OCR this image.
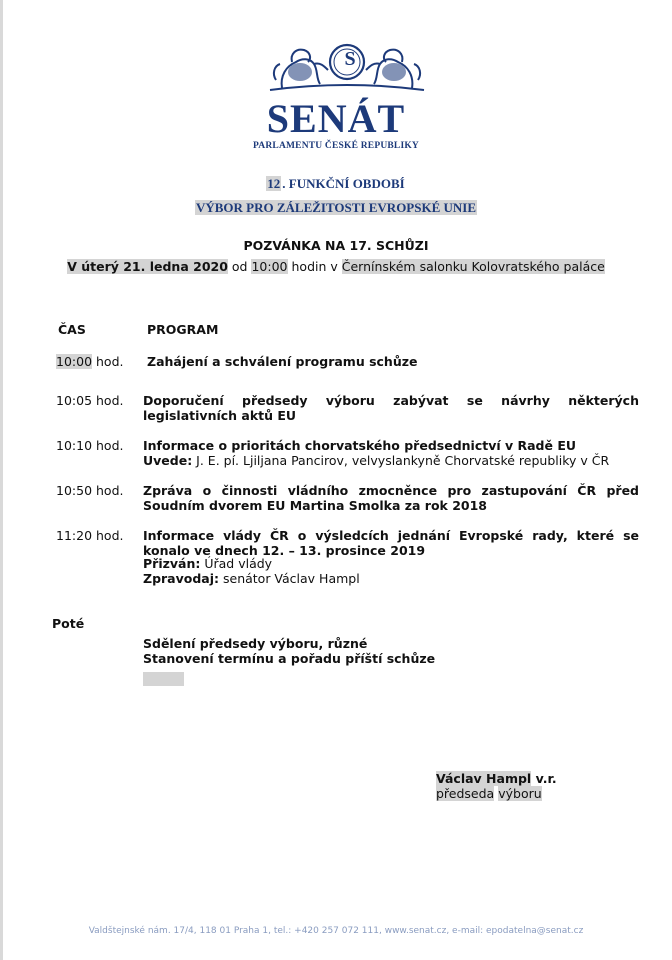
S
SENÁT
PARLAMENTU ČESKÉ REPUBLIKY
12 . FUNKČNÍ OBDOBÍ
VÝBOR PRO ZÁLEŽITOSTI EVROPSKÉ UNIE
POZVÁNKA NA 17. SCHŮZI
V úterý 21. ledna 2020 od 10:00 hodin v Černínském salonku Kolovratského paláce
ČAS	PROGRAM
10:00 hod. Zahájení a schválení programu schůze
10:05 hod. Doporučení předsedy výboru zabývat se návrhy některých legislativních aktů EU
10:10 hod. Informace o prioritách chorvatského předsednictví v Radě EU
Uvede: J. E. pí. Ljiljana Pancirov, velvyslankyně Chorvatské republiky v ČR
10:50 hod. Zpráva o činnosti vládního zmocněnce pro zastupování ČR před Soudním dvorem EU Martina Smolka za rok 2018
11:20 hod. Informace vlády ČR o výsledcích jednání Evropské rady, které se konalo ve dnech 12. – 13. prosince 2019
Přizván: Úřad vlády
Zpravodaj: senátor Václav Hampl
Poté
Sdělení předsedy výboru, různé
Stanovení termínu a pořadu příští schůze
Václav Hampl v.r.
předseda výboru
Valdštejnské nám. 17/4, 118 01 Praha 1, tel.: +420 257 072 111, www.senat.cz, e-mail: epodatelna@senat.cz
